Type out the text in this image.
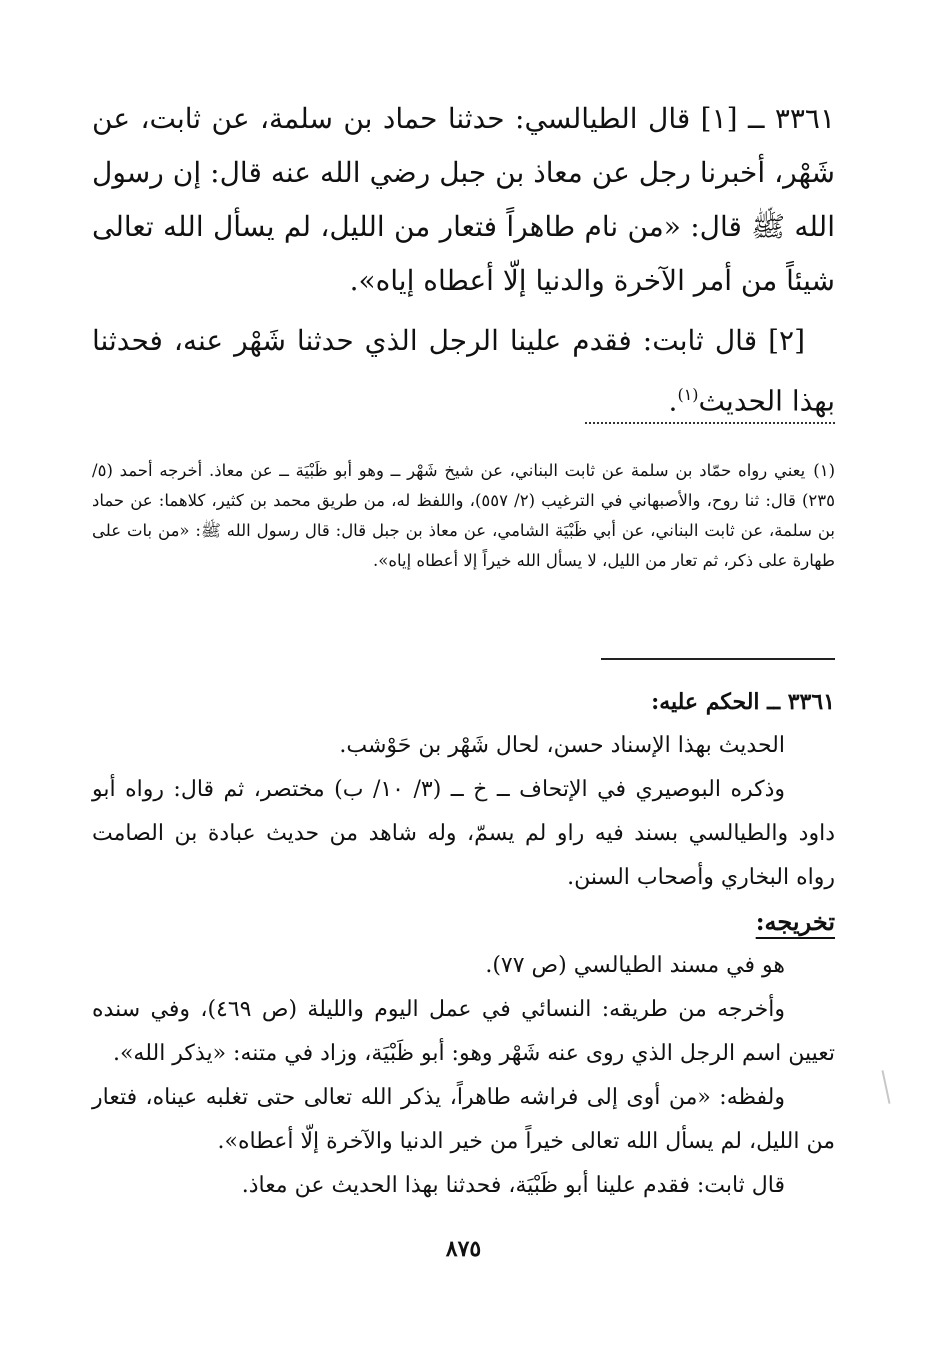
٣٣٦١ ــ [١] قال الطيالسي: حدثنا حماد بن سلمة، عن ثابت، عن شَهْر، أخبرنا رجل عن معاذ بن جبل رضي الله عنه قال: إن رسول الله ﷺ قال: «من نام طاهراً فتعار من الليل، لم يسأل الله تعالى شيئاً من أمر الآخرة والدنيا إلّا أعطاه إياه».

[٢] قال ثابت: فقدم علينا الرجل الذي حدثنا شَهْر عنه، فحدثنا بهذا الحديث$^{(١)}$.

(١)يعني رواه حمّاد بن سلمة عن ثابت البناني، عن شيخ شَهْر ــ وهو أبو ظَبْيَة ــ عن معاذ. أخرجه أحمد (٥/ ٢٣٥) قال: ثنا روح، والأصبهاني في الترغيب (٢/ ٥٥٧)، واللفظ له، من طريق محمد بن كثير، كلاهما: عن حماد بن سلمة، عن ثابت البناني، عن أبي ظَبْيَة الشامي، عن معاذ بن جبل قال: قال رسول الله ﷺ: «من بات على طهارة على ذكر، ثم تعار من الليل، لا يسأل الله خيراً إلا أعطاه إياه».

٣٣٦١ ــ الحكم عليه:

الحديث بهذا الإسناد حسن، لحال شَهْر بن حَوْشب.

وذكره البوصيري في الإتحاف ــ خ ــ (٣/ ١٠/ ب) مختصر، ثم قال: رواه أبو داود والطيالسي بسند فيه راو لم يسمّ، وله شاهد من حديث عبادة بن الصامت رواه البخاري وأصحاب السنن.

تخريجه:

هو في مسند الطيالسي (ص ٧٧).

وأخرجه من طريقه: النسائي في عمل اليوم والليلة (ص ٤٦٩)، وفي سنده تعيين اسم الرجل الذي روى عنه شَهْر وهو: أبو ظَبْيَة، وزاد في متنه: «يذكر الله».

ولفظه: «من أوى إلى فراشه طاهراً، يذكر الله تعالى حتى تغلبه عيناه، فتعار من الليل، لم يسأل الله تعالى خيراً من خير الدنيا والآخرة إلّا أعطاه».

قال ثابت: فقدم علينا أبو ظَبْيَة، فحدثنا بهذا الحديث عن معاذ.

٨٧٥
